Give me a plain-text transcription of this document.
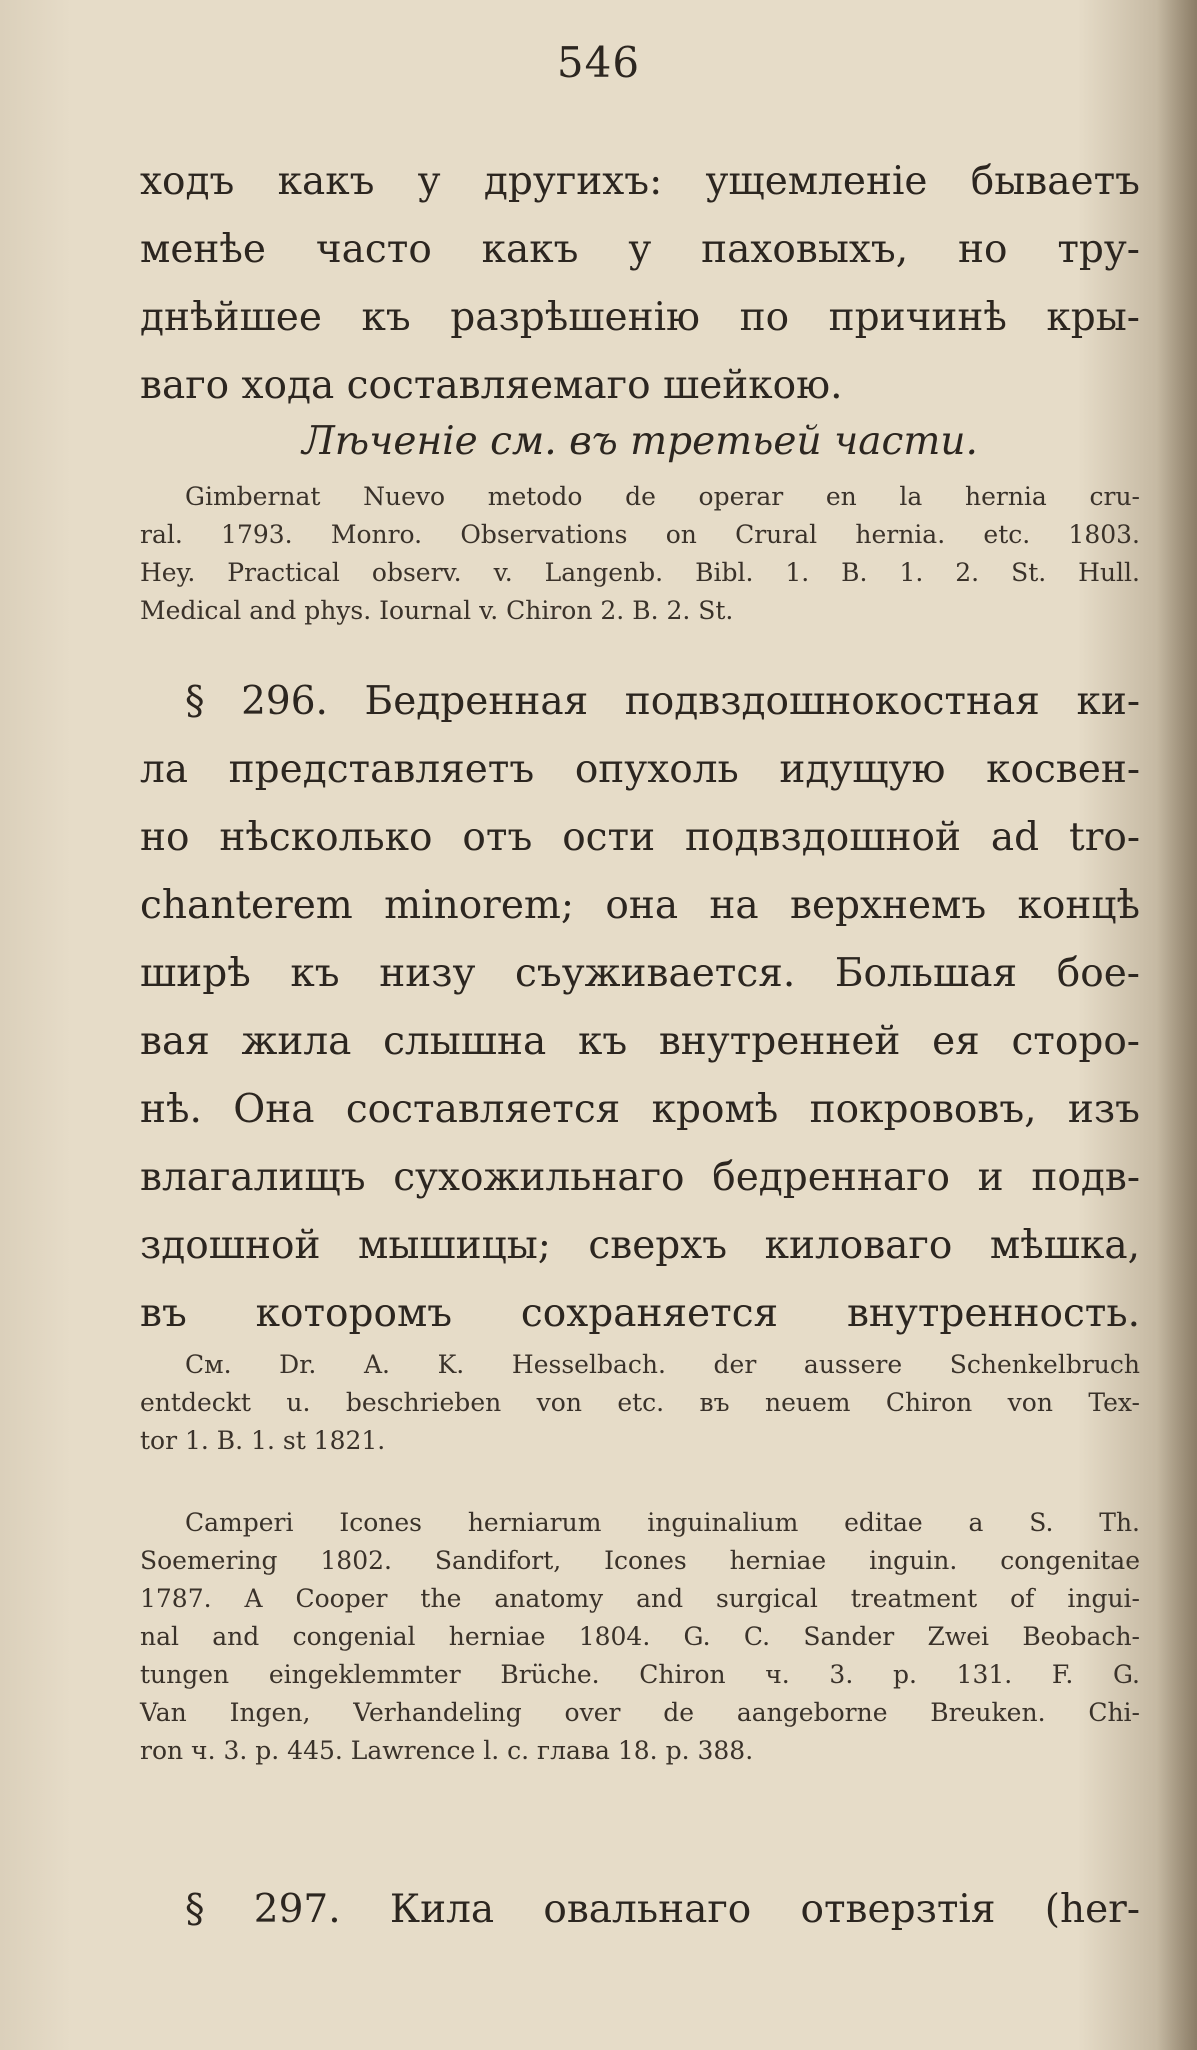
546
ходъ какъ у другихъ: ущемленіе бываетъ
менѣе часто какъ у паховыхъ, но тру-
днѣйшее къ разрѣшенію по причинѣ кры-
ваго хода составляемаго шейкою.
Лѣченіе см. въ третьей части.
Gimbernat Nuevo metodo de operar en la hernia cru-
ral. 1793. Monro. Observations on Crural hernia. etc. 1803.
Hey. Practical observ. v. Langenb. Bibl. 1. B. 1. 2. St. Hull.
Medical and phys. Iournal v. Chiron 2. B. 2. St.
§ 296. Бедренная подвздошнокостная ки-
ла представляетъ опухоль идущую косвен-
но нѣсколько отъ ости подвздошной ad tro-
chanterem minorem; она на верхнемъ концѣ
ширѣ къ низу съуживается. Большая бое-
вая жила слышна къ внутренней ея сторо-
нѣ. Она составляется кромѣ покрововъ, изъ
влагалищъ сухожильнаго бедреннаго и подв-
здошной мышицы; сверхъ киловаго мѣшка,
въ которомъ сохраняется внутренность.
См. Dr. A. K. Hesselbach. der aussere Schenkelbruch
entdeckt u. beschrieben von etc. въ neuem Chiron von Tex-
tor 1. B. 1. st 1821.
Camperi Icones herniarum inguinalium editae a S. Th.
Soemering 1802. Sandifort, Icones herniae inguin. congenitae
1787. A Cooper the anatomy and surgical treatment of ingui-
nal and congenial herniae 1804. G. C. Sander Zwei Beobach-
tungen eingeklemmter Brüche. Chiron ч. 3. p. 131. F. G.
Van Ingen, Verhandeling over de aangeborne Breuken. Chi-
ron ч. 3. p. 445. Lawrence l. c. глава 18. p. 388.
§ 297. Кила овальнаго отверзтія (her-
